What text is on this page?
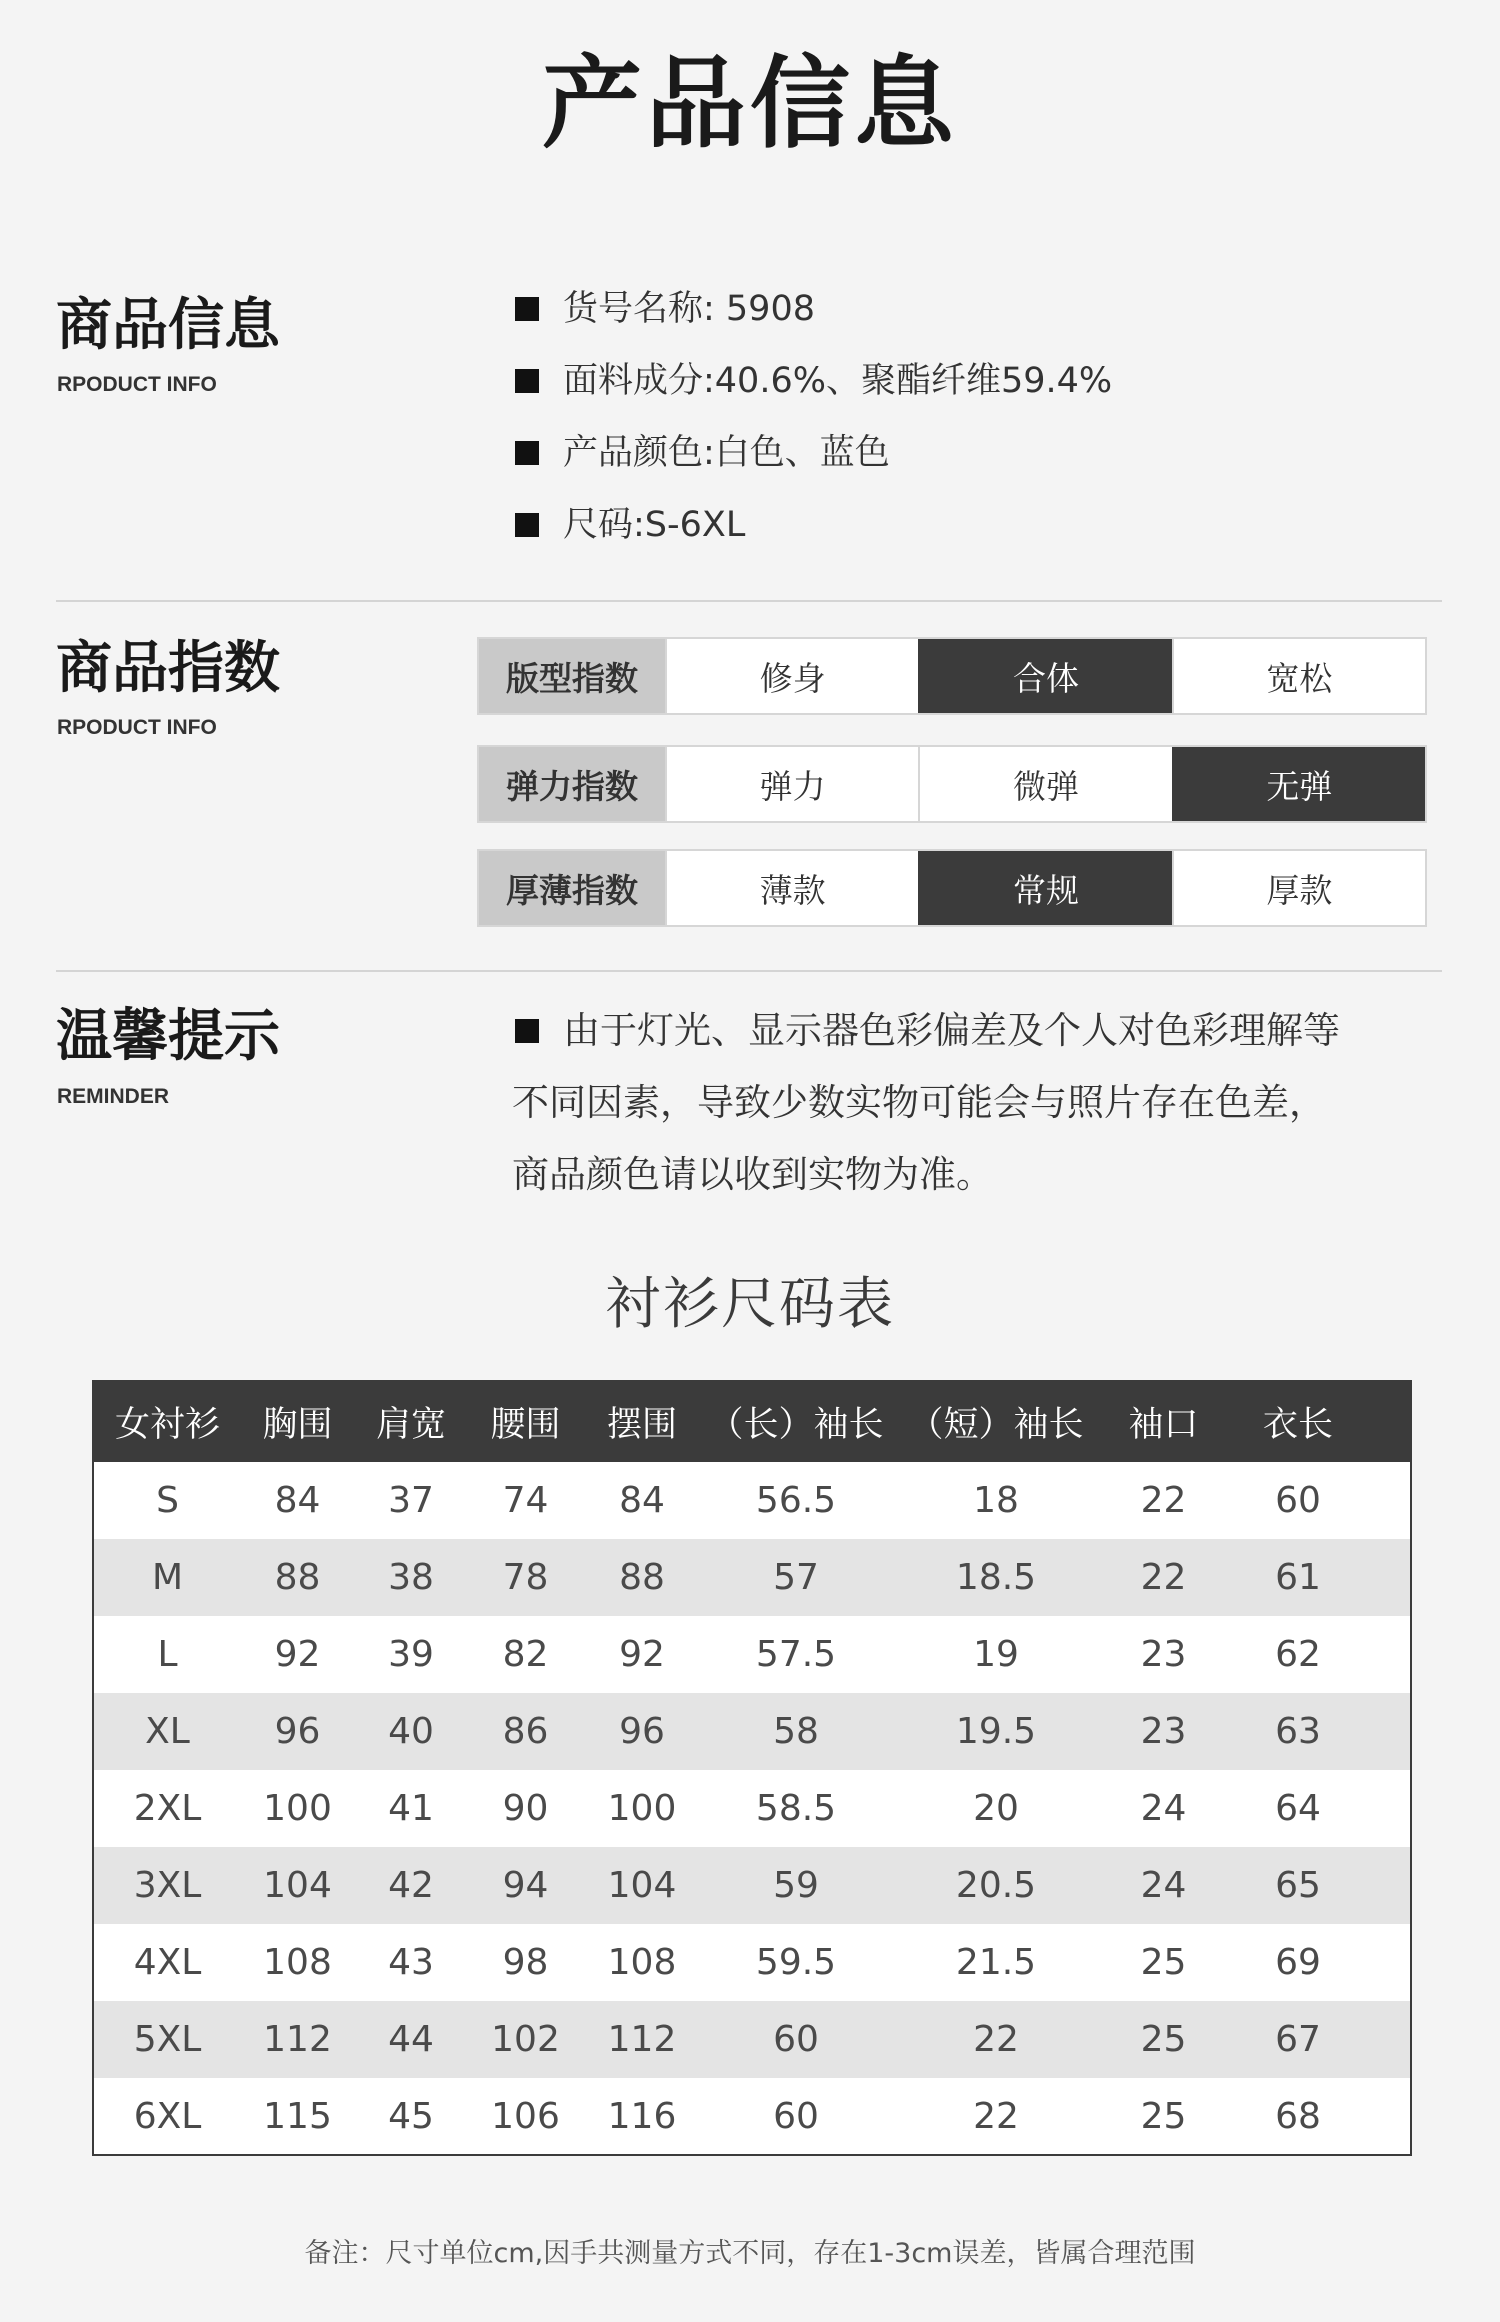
产品信息
商品信息
RPODUCT INFO
货号名称: 5908
面料成分:40.6%、聚酯纤维59.4%
产品颜色:白色、蓝色
尺码:S-6XL
商品指数
RPODUCT INFO
版型指数	修身	合体	宽松
弹力指数	弹力	微弹	无弹
厚薄指数	薄款	常规	厚款
温馨提示
REMINDER
由于灯光、显示器色彩偏差及个人对色彩理解等
不同因素，导致少数实物可能会与照片存在色差，
商品颜色请以收到实物为准。
衬衫尺码表
女衬衫	胸围	肩宽	腰围	摆围	（长）袖长	（短）袖长	袖口	衣长
S	84	37	74	84	56.5	18	22	60
M	88	38	78	88	57	18.5	22	61
L	92	39	82	92	57.5	19	23	62
XL	96	40	86	96	58	19.5	23	63
2XL	100	41	90	100	58.5	20	24	64
3XL	104	42	94	104	59	20.5	24	65
4XL	108	43	98	108	59.5	21.5	25	69
5XL	112	44	102	112	60	22	25	67
6XL	115	45	106	116	60	22	25	68
备注：尺寸单位cm,因手共测量方式不同，存在1-3cm误差，皆属合理范围
